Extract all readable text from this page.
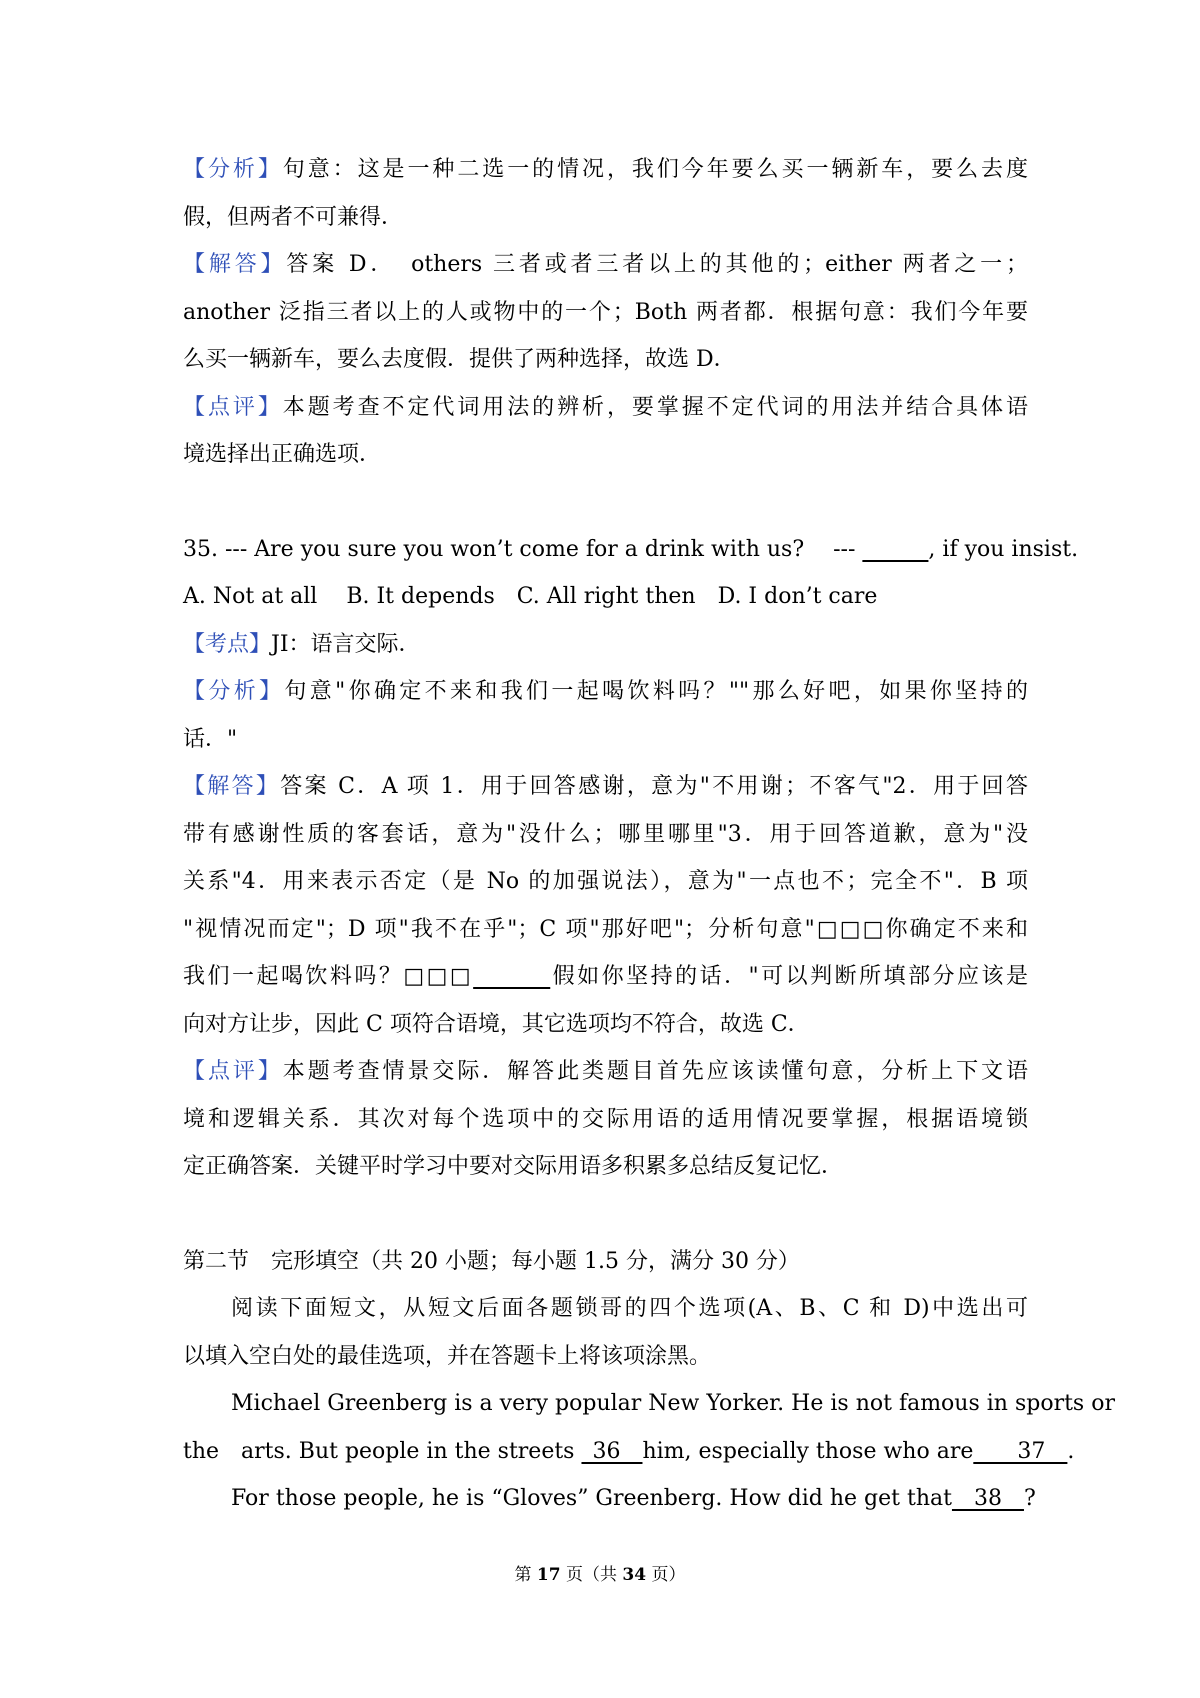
【分析】句意：这是一种二选一的情况，我们今年要么买一辆新车，要么去度
假，但两者不可兼得．
【解答】答案 D．　others 三者或者三者以上的其他的；either 两者之一；
another 泛指三者以上的人或物中的一个；Both 两者都．根据句意：我们今年要
么买一辆新车，要么去度假．提供了两种选择，故选 D．
【点评】本题考查不定代词用法的辨析，要掌握不定代词的用法并结合具体语
境选择出正确选项．
35. --- Are you sure you won’t come for a drink with us?　 --- ______, if you insist.
A. Not at all　 B. It depends　C. All right then　D. I don’t care
【考点】JI：语言交际．
【分析】句意"你确定不来和我们一起喝饮料吗？""那么好吧，如果你坚持的
话．"
【解答】答案 C．A 项 1．用于回答感谢，意为"不用谢；不客气"2．用于回答
带有感谢性质的客套话，意为"没什么；哪里哪里"3．用于回答道歉，意为"没
关系"4．用来表示否定（是 No 的加强说法），意为"一点也不；完全不"．B 项
"视情况而定"；D 项"我不在乎"；C 项"那好吧"；分析句意"□□□你确定不来和
我们一起喝饮料吗？□□□_______假如你坚持的话．"可以判断所填部分应该是
向对方让步，因此 C 项符合语境，其它选项均不符合，故选 C．
【点评】本题考查情景交际．解答此类题目首先应该读懂句意，分析上下文语
境和逻辑关系．其次对每个选项中的交际用语的适用情况要掌握，根据语境锁
定正确答案．关键平时学习中要对交际用语多积累多总结反复记忆．
第二节　完形填空（共 20 小题；每小题 1.5 分，满分 30 分）
阅读下面短文，从短文后面各题锁哥的四个选项(A、B、C 和 D)中选出可
以填入空白处的最佳选项，并在答题卡上将该项涂黑。
Michael Greenberg is a very popular New Yorker. He is not famous in sports or
the　arts. But people in the streets _36__him, especially those who are____37__.
For those people, he is “Gloves” Greenberg. How did he get that__38__?
第 17 页（共 34 页）
